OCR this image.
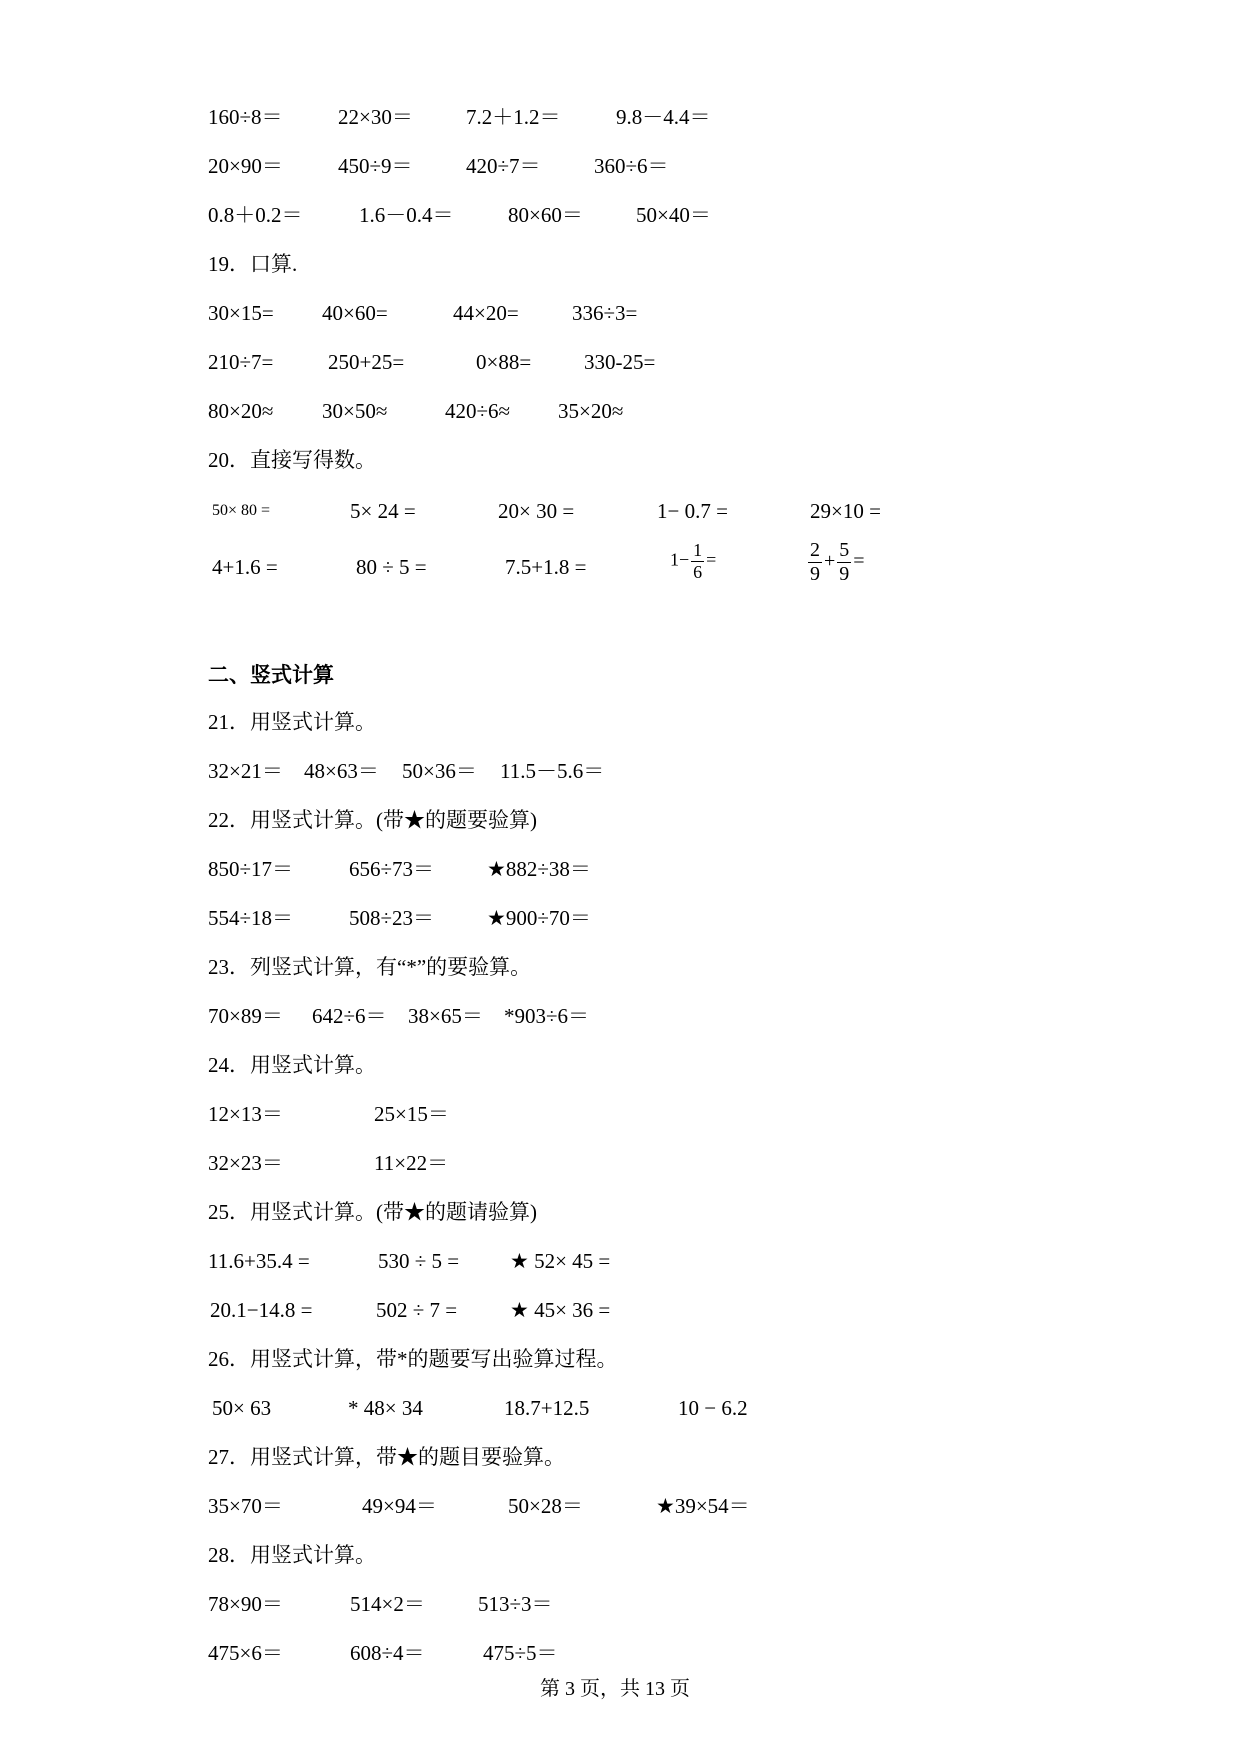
160÷8＝	22×30＝	7.2＋1.2＝	9.8－4.4＝
20×90＝	450÷9＝	420÷7＝	360÷6＝
0.8＋0.2＝	1.6－0.4＝	80×60＝	50×40＝
19．口算.
30×15= 40×60=	44×20=	336÷3=
210÷7=	250+25=	0×88=	330-25=
80×20≈ 30×50≈	420÷6≈ 35×20≈
20．直接写得数。
50× 80 =	5× 24 =	20× 30 =	1− 0.7 =	29×10 =
4+1.6 =	80 ÷ 5 =	7.5+1.8 =	$1- \frac{1}{6}$ =	$\frac{2}{9} + \frac{5}{9}$ =
二、竖式计算
21．用竖式计算。
32×21＝ 48×63＝ 50×36＝ 11.5－5.6＝
22．用竖式计算。(带★的题要验算)
850÷17＝	656÷73＝	★882÷38＝
554÷18＝	508÷23＝	★900÷70＝
23．列竖式计算，有“*”的要验算。
70×89＝ 642÷6＝ 38×65＝ *903÷6＝
24．用竖式计算。
12×13＝	25×15＝
32×23＝	11×22＝
25．用竖式计算。(带★的题请验算)
11.6+35.4 =	530 ÷ 5 = ★ 52× 45 =
20.1−14.8 =	502 ÷ 7 =	★ 45× 36 =
26．用竖式计算，带*的题要写出验算过程。
50× 63	* 48× 34	18.7+12.5	10 − 6.2
27．用竖式计算，带★的题目要验算。
35×70＝	49×94＝	50×28＝	★39×54＝
28．用竖式计算。
78×90＝	514×2＝	513÷3＝
475×6＝	608÷4＝	475÷5＝
第 3 页，共 13 页
